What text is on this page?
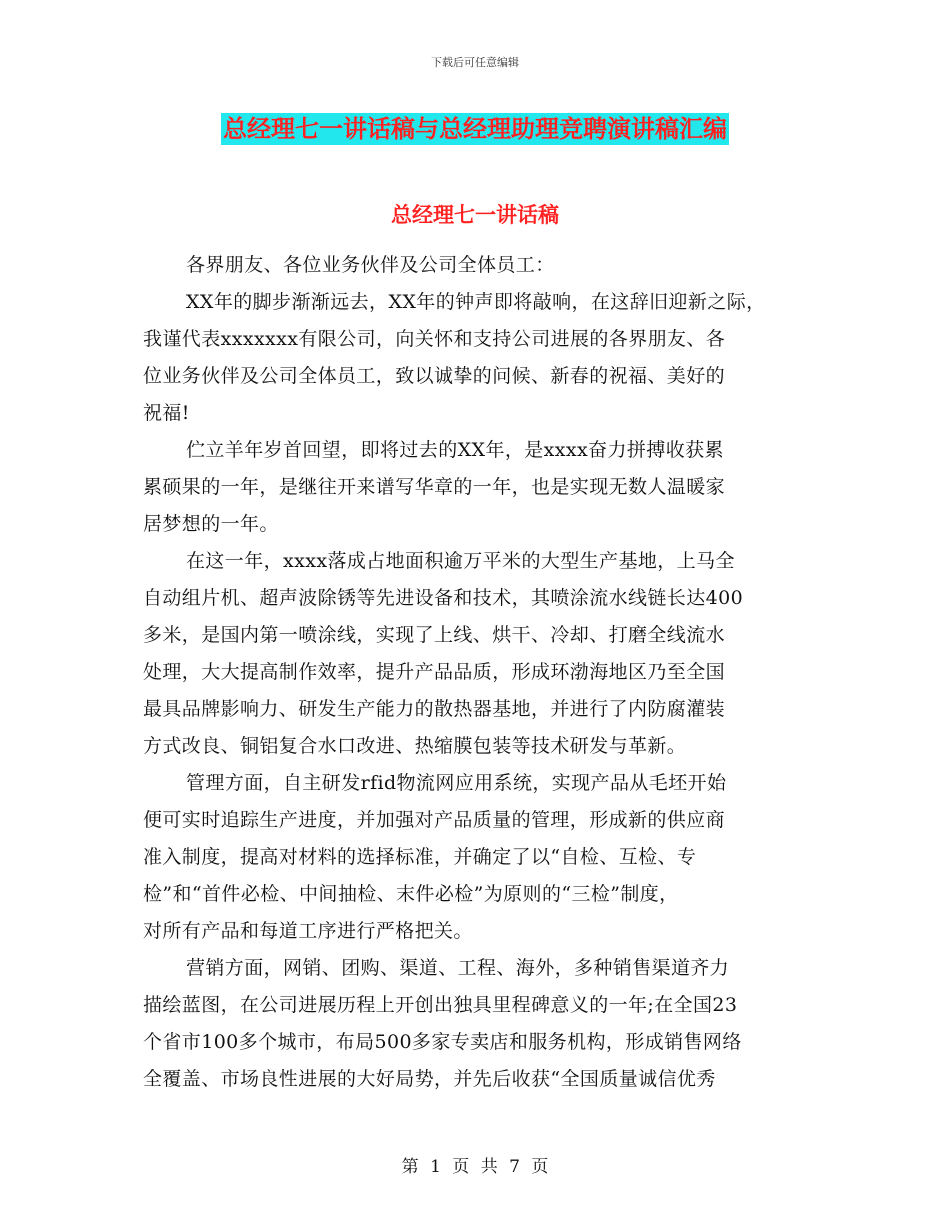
下载后可任意编辑
总经理七一讲话稿与总经理助理竞聘演讲稿汇编
总经理七一讲话稿
各界朋友、各位业务伙伴及公司全体员工：
XX年的脚步渐渐远去，XX年的钟声即将敲响，在这辞旧迎新之际，
我谨代表xxxxxxx有限公司，向关怀和支持公司进展的各界朋友、各
位业务伙伴及公司全体员工，致以诚挚的问候、新春的祝福、美好的
祝福!
伫立羊年岁首回望，即将过去的XX年，是xxxx奋力拼搏收获累
累硕果的一年，是继往开来谱写华章的一年，也是实现无数人温暖家
居梦想的一年。
在这一年，xxxx落成占地面积逾万平米的大型生产基地，上马全
自动组片机、超声波除锈等先进设备和技术，其喷涂流水线链长达400
多米，是国内第一喷涂线，实现了上线、烘干、冷却、打磨全线流水
处理，大大提高制作效率，提升产品品质，形成环渤海地区乃至全国
最具品牌影响力、研发生产能力的散热器基地，并进行了内防腐灌装
方式改良、铜铝复合水口改进、热缩膜包装等技术研发与革新。
管理方面，自主研发rfid物流网应用系统，实现产品从毛坯开始
便可实时追踪生产进度，并加强对产品质量的管理，形成新的供应商
准入制度，提高对材料的选择标准，并确定了以“自检、互检、专
检”和“首件必检、中间抽检、末件必检”为原则的“三检”制度，
对所有产品和每道工序进行严格把关。
营销方面，网销、团购、渠道、工程、海外，多种销售渠道齐力
描绘蓝图，在公司进展历程上开创出独具里程碑意义的一年;在全国23
个省市100多个城市，布局500多家专卖店和服务机构，形成销售网络
全覆盖、市场良性进展的大好局势，并先后收获“全国质量诚信优秀
第 1 页 共 7 页
